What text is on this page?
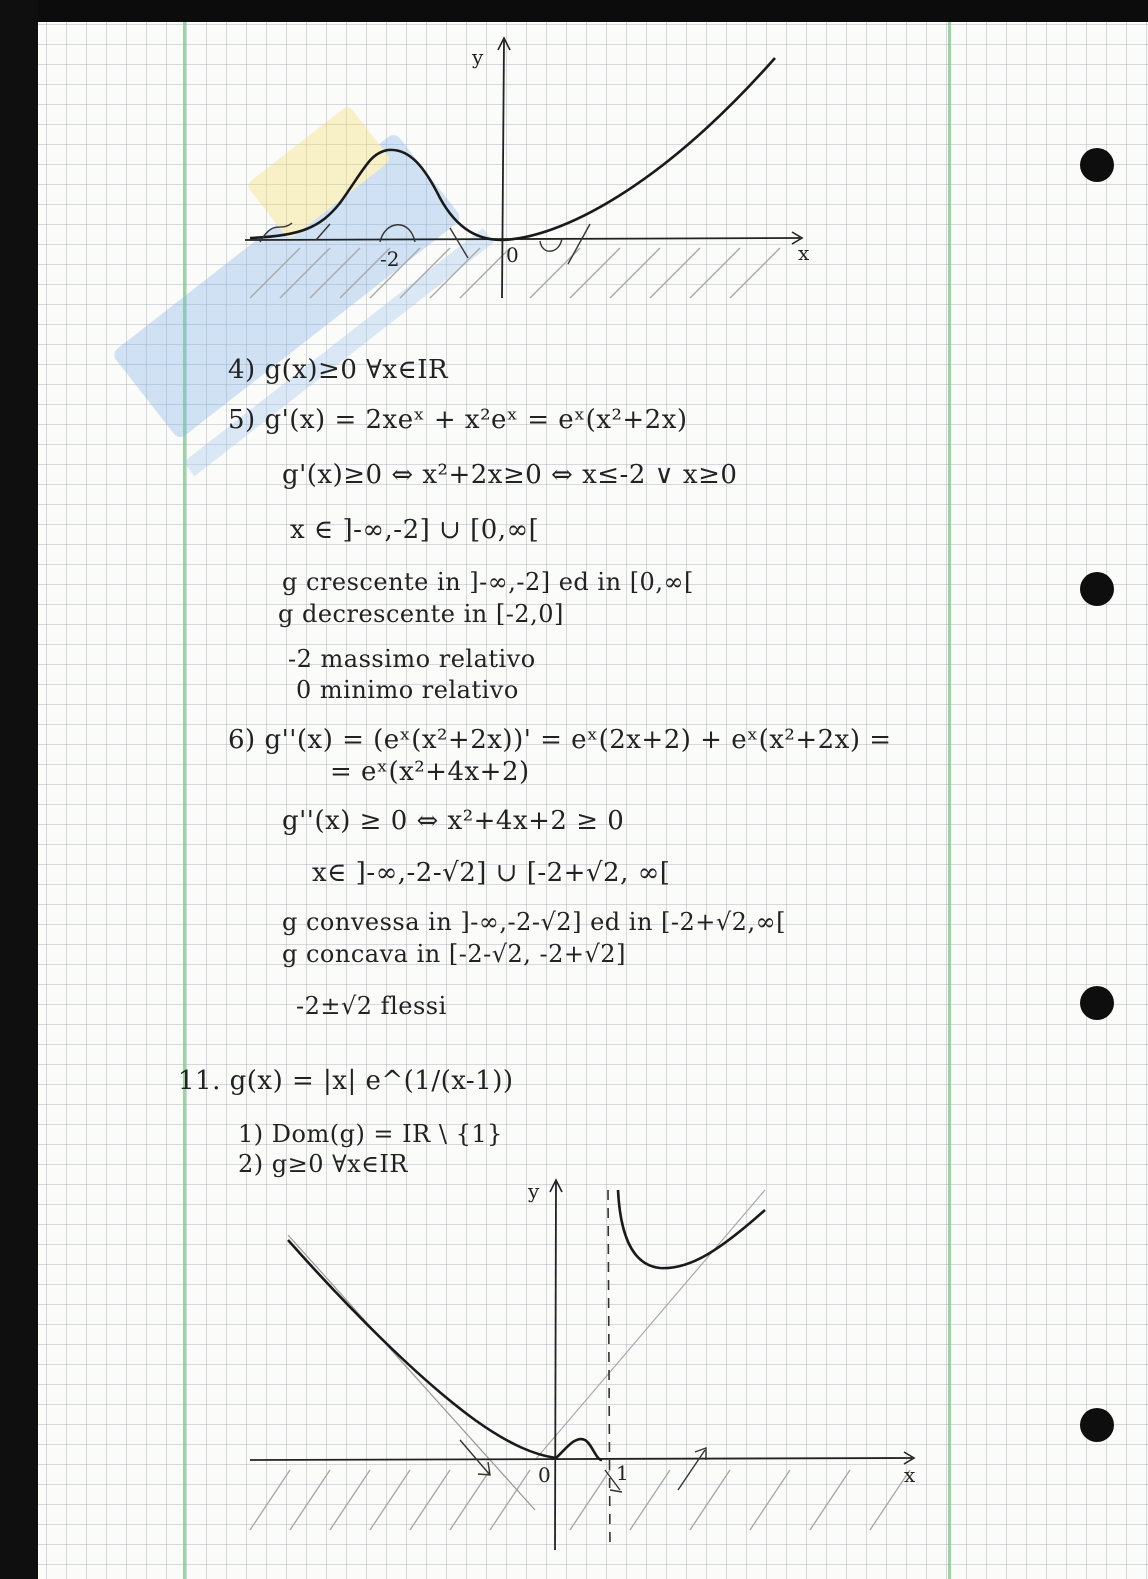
y
x
-2	0
4) g(x)≥0 ∀x∈IR
5) g'(x) = 2xeˣ + x²eˣ = eˣ(x²+2x)
g'(x)≥0 ⇔ x²+2x≥0 ⇔ x≤-2 ∨ x≥0
x ∈ ]-∞,-2] ∪ [0,∞[
g crescente in ]-∞,-2] ed in [0,∞[
g decrescente in [-2,0]
-2 massimo relativo
0 minimo relativo
6) g''(x) = (eˣ(x²+2x))' = eˣ(2x+2) + eˣ(x²+2x) =
= eˣ(x²+4x+2)
g''(x) ≥ 0 ⇔ x²+4x+2 ≥ 0
x∈ ]-∞,-2-√2] ∪ [-2+√2, ∞[
g convessa in ]-∞,-2-√2] ed in [-2+√2,∞[
g concava in [-2-√2, -2+√2]
-2±√2 flessi
11. g(x) = |x| e^(1/(x-1))
1) Dom(g) = IR \ {1}
2) g≥0 ∀x∈IR
y
x
0	1
